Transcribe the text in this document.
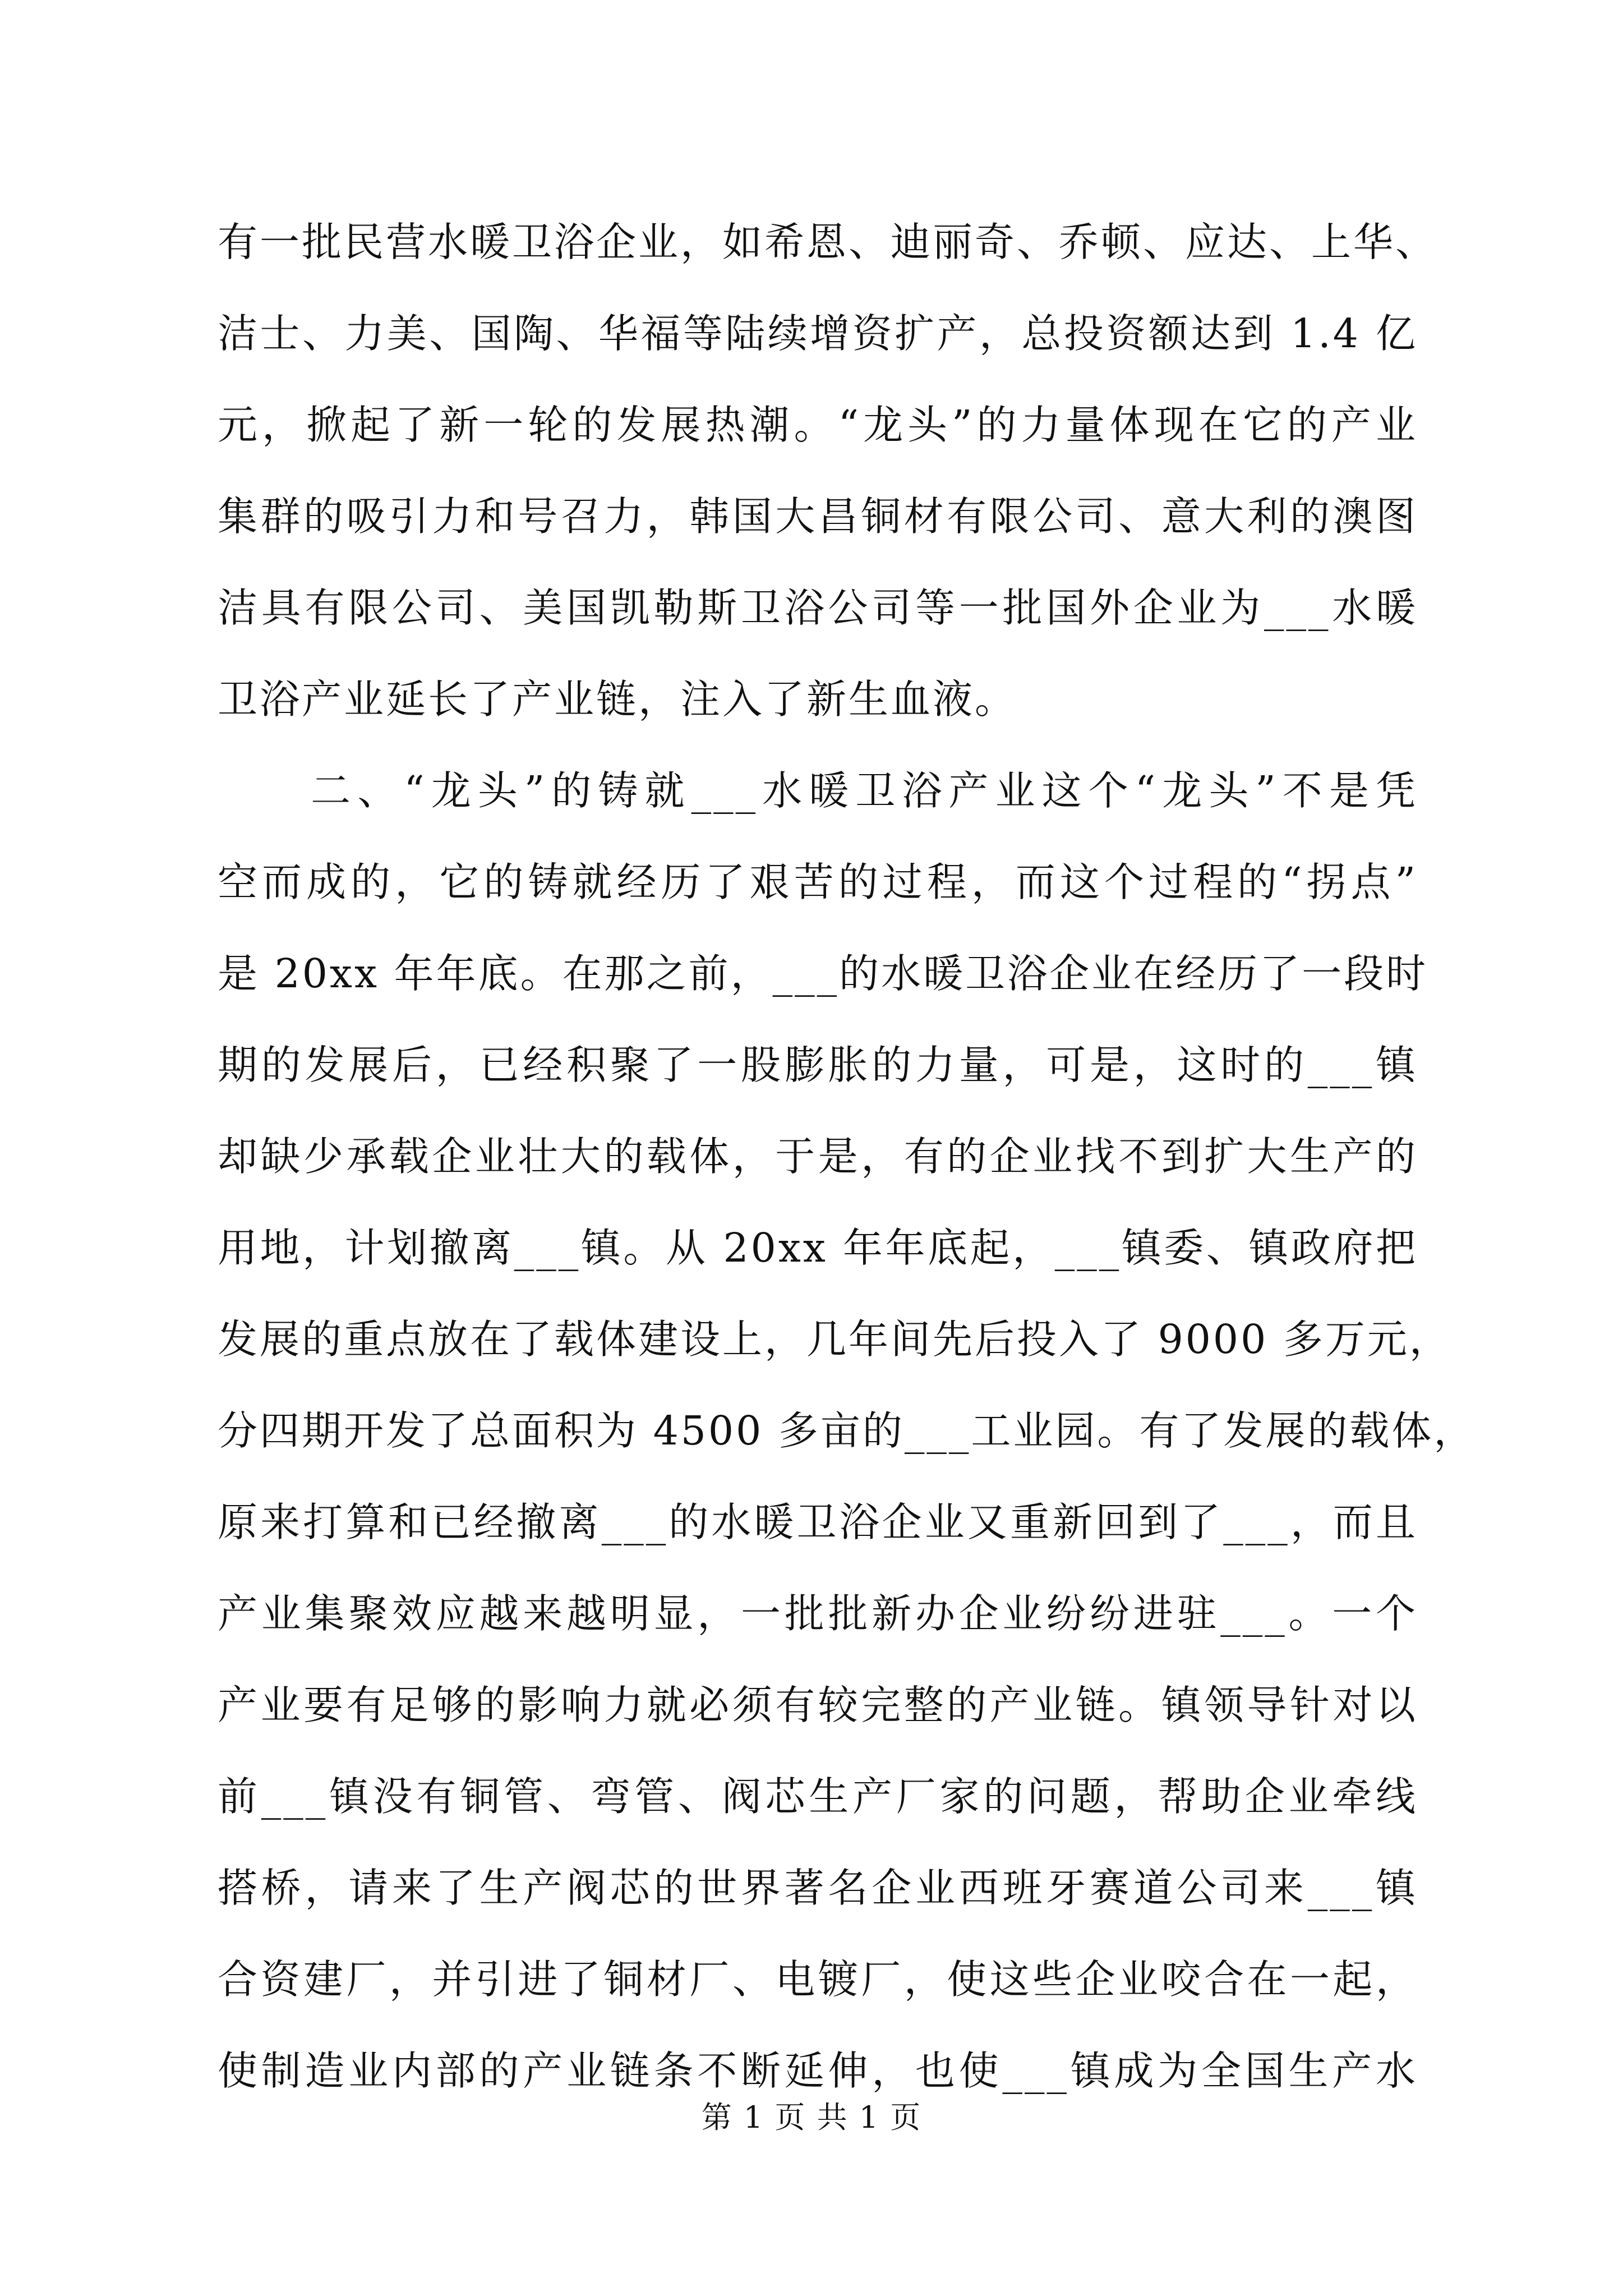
有一批民营水暖卫浴企业，如希恩、迪丽奇、乔顿、应达、上华、
洁士、力美、国陶、华福等陆续增资扩产，总投资额达到 1.4 亿
元，掀起了新一轮的发展热潮。“龙头”的力量体现在它的产业
集群的吸引力和号召力，韩国大昌铜材有限公司、意大利的澳图
洁具有限公司、美国凯勒斯卫浴公司等一批国外企业为___水暖
卫浴产业延长了产业链，注入了新生血液。
　　二、“龙头”的铸就___水暖卫浴产业这个“龙头”不是凭
空而成的，它的铸就经历了艰苦的过程，而这个过程的“拐点”
是 20xx 年年底。在那之前，___的水暖卫浴企业在经历了一段时
期的发展后，已经积聚了一股膨胀的力量，可是，这时的___镇
却缺少承载企业壮大的载体，于是，有的企业找不到扩大生产的
用地，计划撤离___镇。从 20xx 年年底起，___镇委、镇政府把
发展的重点放在了载体建设上，几年间先后投入了 9000 多万元，
分四期开发了总面积为 4500 多亩的___工业园。有了发展的载体，
原来打算和已经撤离___的水暖卫浴企业又重新回到了___，而且
产业集聚效应越来越明显，一批批新办企业纷纷进驻___。一个
产业要有足够的影响力就必须有较完整的产业链。镇领导针对以
前___镇没有铜管、弯管、阀芯生产厂家的问题，帮助企业牵线
搭桥，请来了生产阀芯的世界著名企业西班牙赛道公司来___镇
合资建厂，并引进了铜材厂、电镀厂，使这些企业咬合在一起，
使制造业内部的产业链条不断延伸，也使___镇成为全国生产水
第 1 页 共 1 页
